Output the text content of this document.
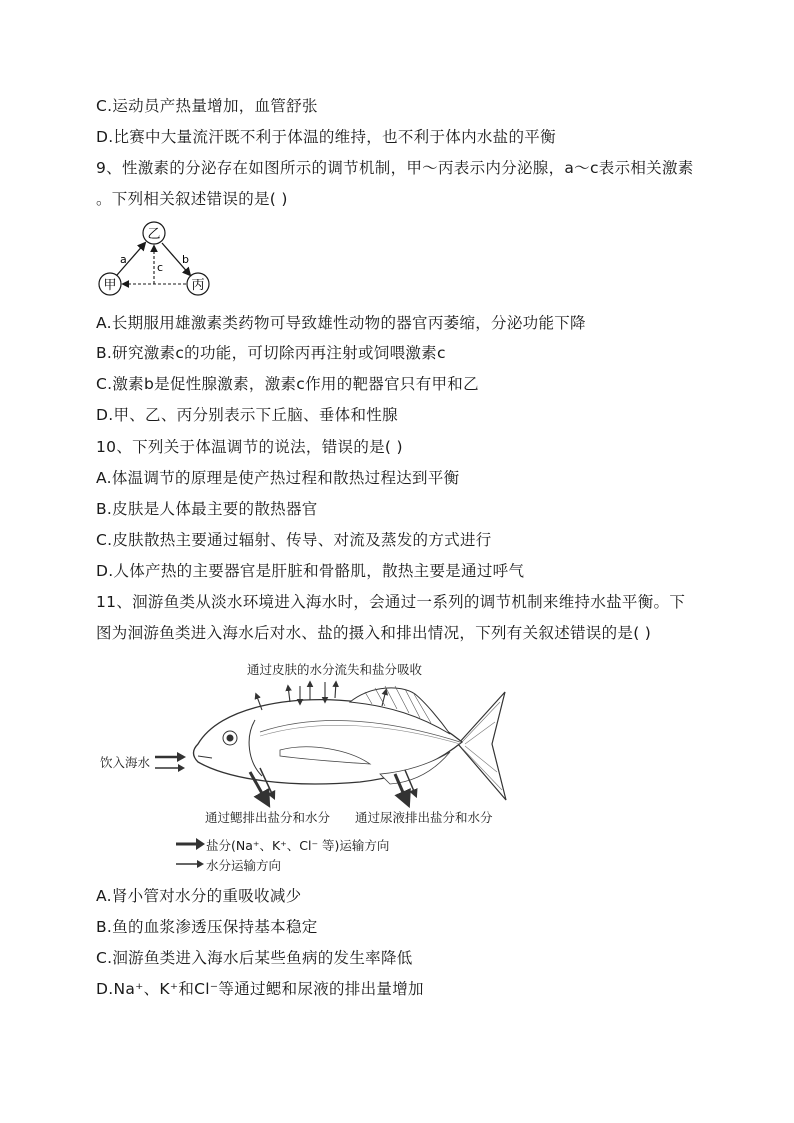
C.运动员产热量增加，血管舒张
D.比赛中大量流汗既不利于体温的维持，也不利于体内水盐的平衡
9、性激素的分泌存在如图所示的调节机制，甲～丙表示内分泌腺，a～c表示相关激素
。下列相关叙述错误的是( )
乙
甲	丙
a	b
c
A.长期服用雄激素类药物可导致雄性动物的器官丙萎缩，分泌功能下降
B.研究激素c的功能，可切除丙再注射或饲喂激素c
C.激素b是促性腺激素，激素c作用的靶器官只有甲和乙
D.甲、乙、丙分别表示下丘脑、垂体和性腺
10、下列关于体温调节的说法，错误的是( )
A.体温调节的原理是使产热过程和散热过程达到平衡
B.皮肤是人体最主要的散热器官
C.皮肤散热主要通过辐射、传导、对流及蒸发的方式进行
D.人体产热的主要器官是肝脏和骨骼肌，散热主要是通过呼气
11、洄游鱼类从淡水环境进入海水时，会通过一系列的调节机制来维持水盐平衡。下
图为洄游鱼类进入海水后对水、盐的摄入和排出情况，下列有关叙述错误的是( )
通过皮肤的水分流失和盐分吸收
饮入海水
通过鳃排出盐分和水分 通过尿液排出盐分和水分
盐分(Na⁺、K⁺、Cl⁻ 等)运输方向
水分运输方向
A.肾小管对水分的重吸收减少
B.鱼的血浆渗透压保持基本稳定
C.洄游鱼类进入海水后某些鱼病的发生率降低
D.Na⁺、K⁺和Cl⁻等通过鳃和尿液的排出量增加
